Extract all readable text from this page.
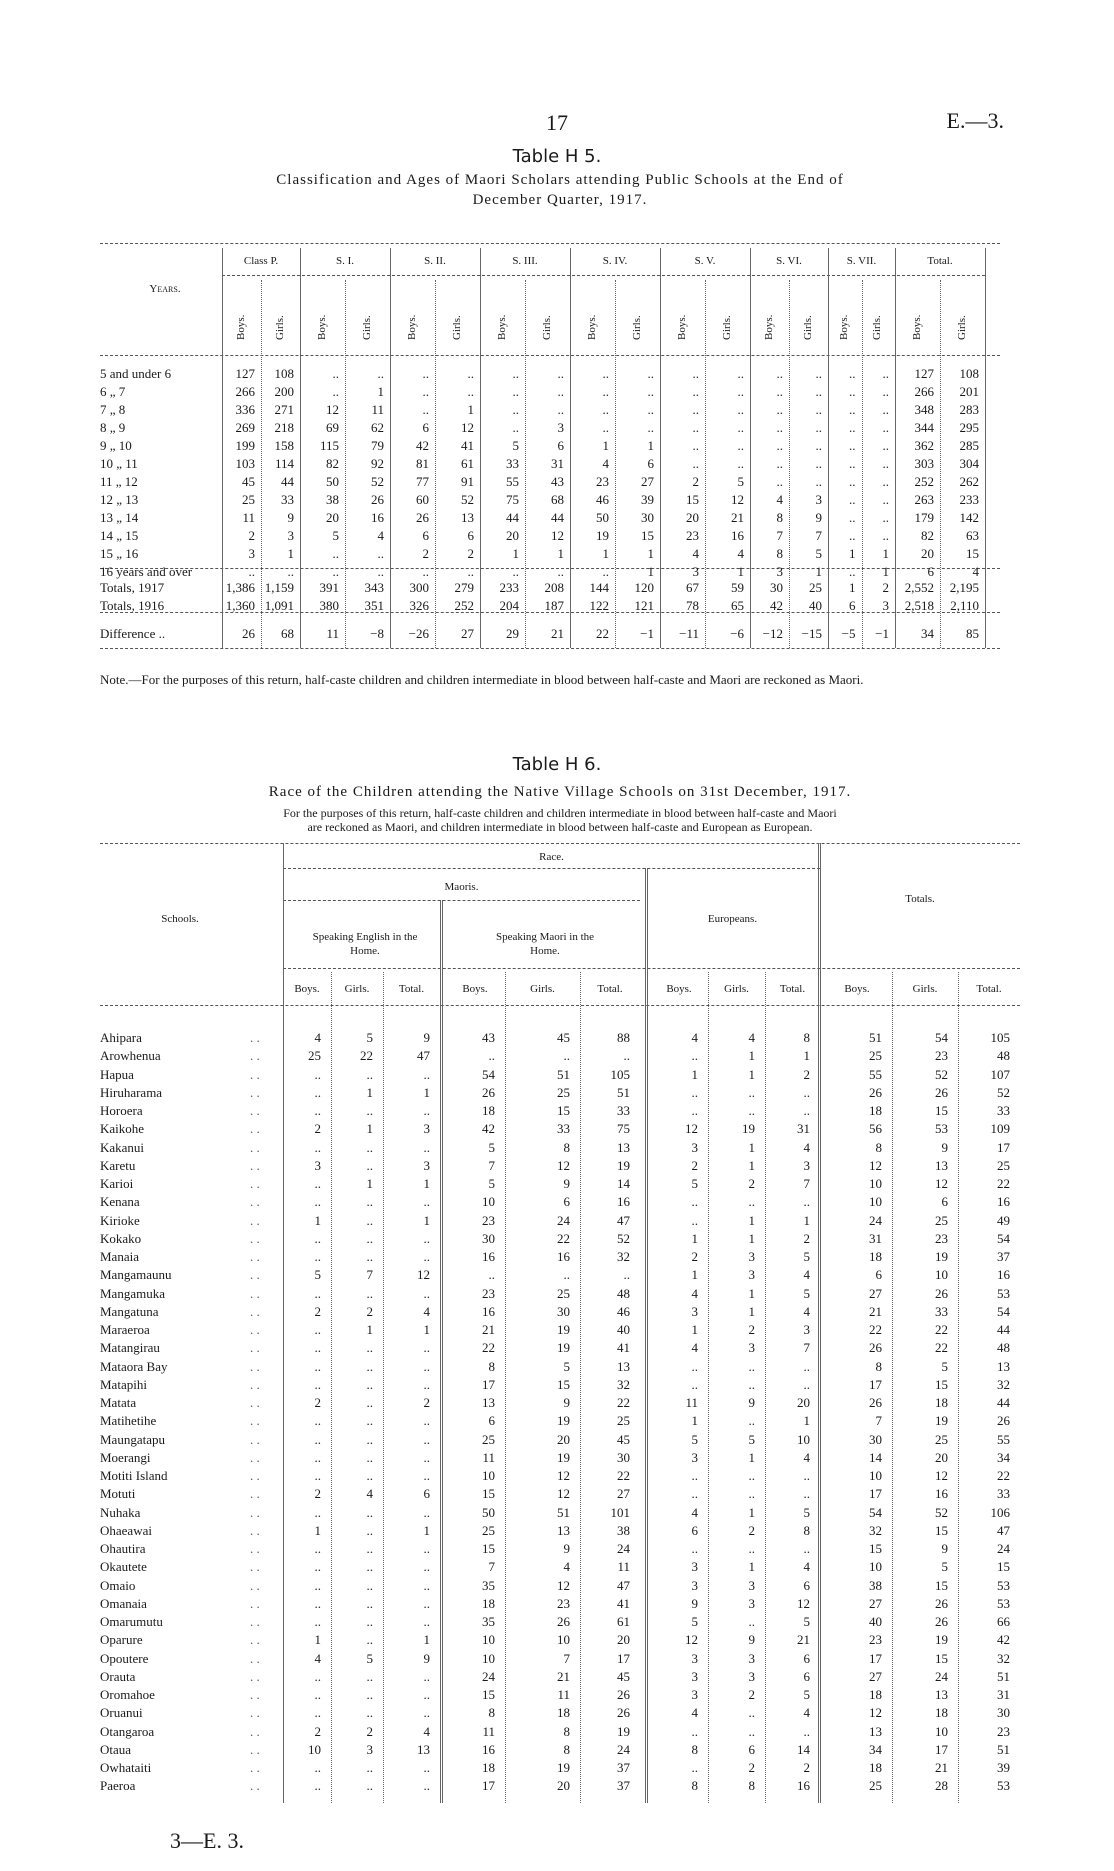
17	E.—3.
Table H 5.
Classification and Ages of Maori Scholars attending Public Schools at the End of
December Quarter, 1917.
Years.
Class P.
Boys. Girls.
S. I.
Boys.	Girls.
S. II.
Boys.	Girls.
S. III.
Boys.	Girls.
S. IV.
Boys.	Girls.
S. V.
Boys.	Girls.
S. VI.
Boys. Girls.
S. VII.
Boys. Girls.
Total.
Boys.	Girls.
5 and under 6	127	108	..	..	..	..	..	..	..	..	..	..	..	..	..	..	127	108
6 „ 7	266	200	..	1	..	..	..	..	..	..	..	..	..	..	..	..	266	201
7 „ 8	336	271	12	11	..	1	..	..	..	..	..	..	..	..	..	..	348	283
8 „ 9	269	218	69	62	6	12	..	3	..	..	..	..	..	..	..	..	344	295
9 „ 10	199	158	115	79	42	41	5	6	1	1	..	..	..	..	..	..	362	285
10 „ 11	103	114	82	92	81	61	33	31	4	6	..	..	..	..	..	..	303	304
11 „ 12	45	44	50	52	77	91	55	43	23	27	2	5	..	..	..	..	252	262
12 „ 13	25	33	38	26	60	52	75	68	46	39	15	12	4	3	..	..	263	233
13 „ 14	11	9	20	16	26	13	44	44	50	30	20	21	8	9	..	..	179	142
14 „ 15	2	3	5	4	6	6	20	12	19	15	23	16	7	7	..	..	82	63
15 „ 16	3	1	..	..	2	2	1	1	1	1	4	4	8	5	1	1	20	15
16 years and over	..	..	..	..	..	..	..	..	..	1	3	1	3	1	..	1	6	4
Totals, 1917	1,386 1,159	391	343	300	279	233	208	144	120	67	59	30	25	1	2	2,552	2,195
Totals, 1916	1,360 1,091	380	351	326	252	204	187	122	121	78	65	42	40	6	3	2,518	2,110
Difference ..	26	68	11	−8	−26	27	29	21	22	−1	−11	−6	−12	−15	−5	−1	34	85
Note.—For the purposes of this return, half-caste children and children intermediate in blood between half-caste and Maori are reckoned as Maori.
Table H 6.
Race of the Children attending the Native Village Schools on 31st December, 1917.
For the purposes of this return, half-caste children and children intermediate in blood between half-caste and Maori
are reckoned as Maori, and children intermediate in blood between half-caste and European as European.
Race.
Maoris.
Totals.
Schools.
Speaking English in the Home.
Speaking Maori in the Home.
Europeans.
Boys.	Girls.	Total.	Boys.	Girls.	Total.	Boys.	Girls.	Total.	Boys.	Girls.	Total.
Ahipara	. .	4	5	9	43	45	88	4	4	8	51	54	105
Arowhenua	. .	25	22	47	..	..	..	..	1	1	25	23	48
Hapua	. .	..	..	..	54	51	105	1	1	2	55	52	107
Hiruharama	. .	..	1	1	26	25	51	..	..	..	26	26	52
Horoera	. .	..	..	..	18	15	33	..	..	..	18	15	33
Kaikohe	. .	2	1	3	42	33	75	12	19	31	56	53	109
Kakanui	. .	..	..	..	5	8	13	3	1	4	8	9	17
Karetu	. .	3	..	3	7	12	19	2	1	3	12	13	25
Karioi	. .	..	1	1	5	9	14	5	2	7	10	12	22
Kenana	. .	..	..	..	10	6	16	..	..	..	10	6	16
Kirioke	. .	1	..	1	23	24	47	..	1	1	24	25	49
Kokako	. .	..	..	..	30	22	52	1	1	2	31	23	54
Manaia	. .	..	..	..	16	16	32	2	3	5	18	19	37
Mangamaunu	. .	5	7	12	..	..	..	1	3	4	6	10	16
Mangamuka	. .	..	..	..	23	25	48	4	1	5	27	26	53
Mangatuna	. .	2	2	4	16	30	46	3	1	4	21	33	54
Maraeroa	. .	..	1	1	21	19	40	1	2	3	22	22	44
Matangirau	. .	..	..	..	22	19	41	4	3	7	26	22	48
Mataora Bay	. .	..	..	..	8	5	13	..	..	..	8	5	13
Matapihi	. .	..	..	..	17	15	32	..	..	..	17	15	32
Matata	. .	2	..	2	13	9	22	11	9	20	26	18	44
Matihetihe	. .	..	..	..	6	19	25	1	..	1	7	19	26
Maungatapu	. .	..	..	..	25	20	45	5	5	10	30	25	55
Moerangi	. .	..	..	..	11	19	30	3	1	4	14	20	34
Motiti Island	. .	..	..	..	10	12	22	..	..	..	10	12	22
Motuti	. .	2	4	6	15	12	27	..	..	..	17	16	33
Nuhaka	. .	..	..	..	50	51	101	4	1	5	54	52	106
Ohaeawai	. .	1	..	1	25	13	38	6	2	8	32	15	47
Ohautira	. .	..	..	..	15	9	24	..	..	..	15	9	24
Okautete	. .	..	..	..	7	4	11	3	1	4	10	5	15
Omaio	. .	..	..	..	35	12	47	3	3	6	38	15	53
Omanaia	. .	..	..	..	18	23	41	9	3	12	27	26	53
Omarumutu	. .	..	..	..	35	26	61	5	..	5	40	26	66
Oparure	. .	1	..	1	10	10	20	12	9	21	23	19	42
Opoutere	. .	4	5	9	10	7	17	3	3	6	17	15	32
Orauta	. .	..	..	..	24	21	45	3	3	6	27	24	51
Oromahoe	. .	..	..	..	15	11	26	3	2	5	18	13	31
Oruanui	. .	..	..	..	8	18	26	4	..	4	12	18	30
Otangaroa	. .	2	2	4	11	8	19	..	..	..	13	10	23
Otaua	. .	10	3	13	16	8	24	8	6	14	34	17	51
Owhataiti	. .	..	..	..	18	19	37	..	2	2	18	21	39
Paeroa	. .	..	..	..	17	20	37	8	8	16	25	28	53
3—E. 3.
